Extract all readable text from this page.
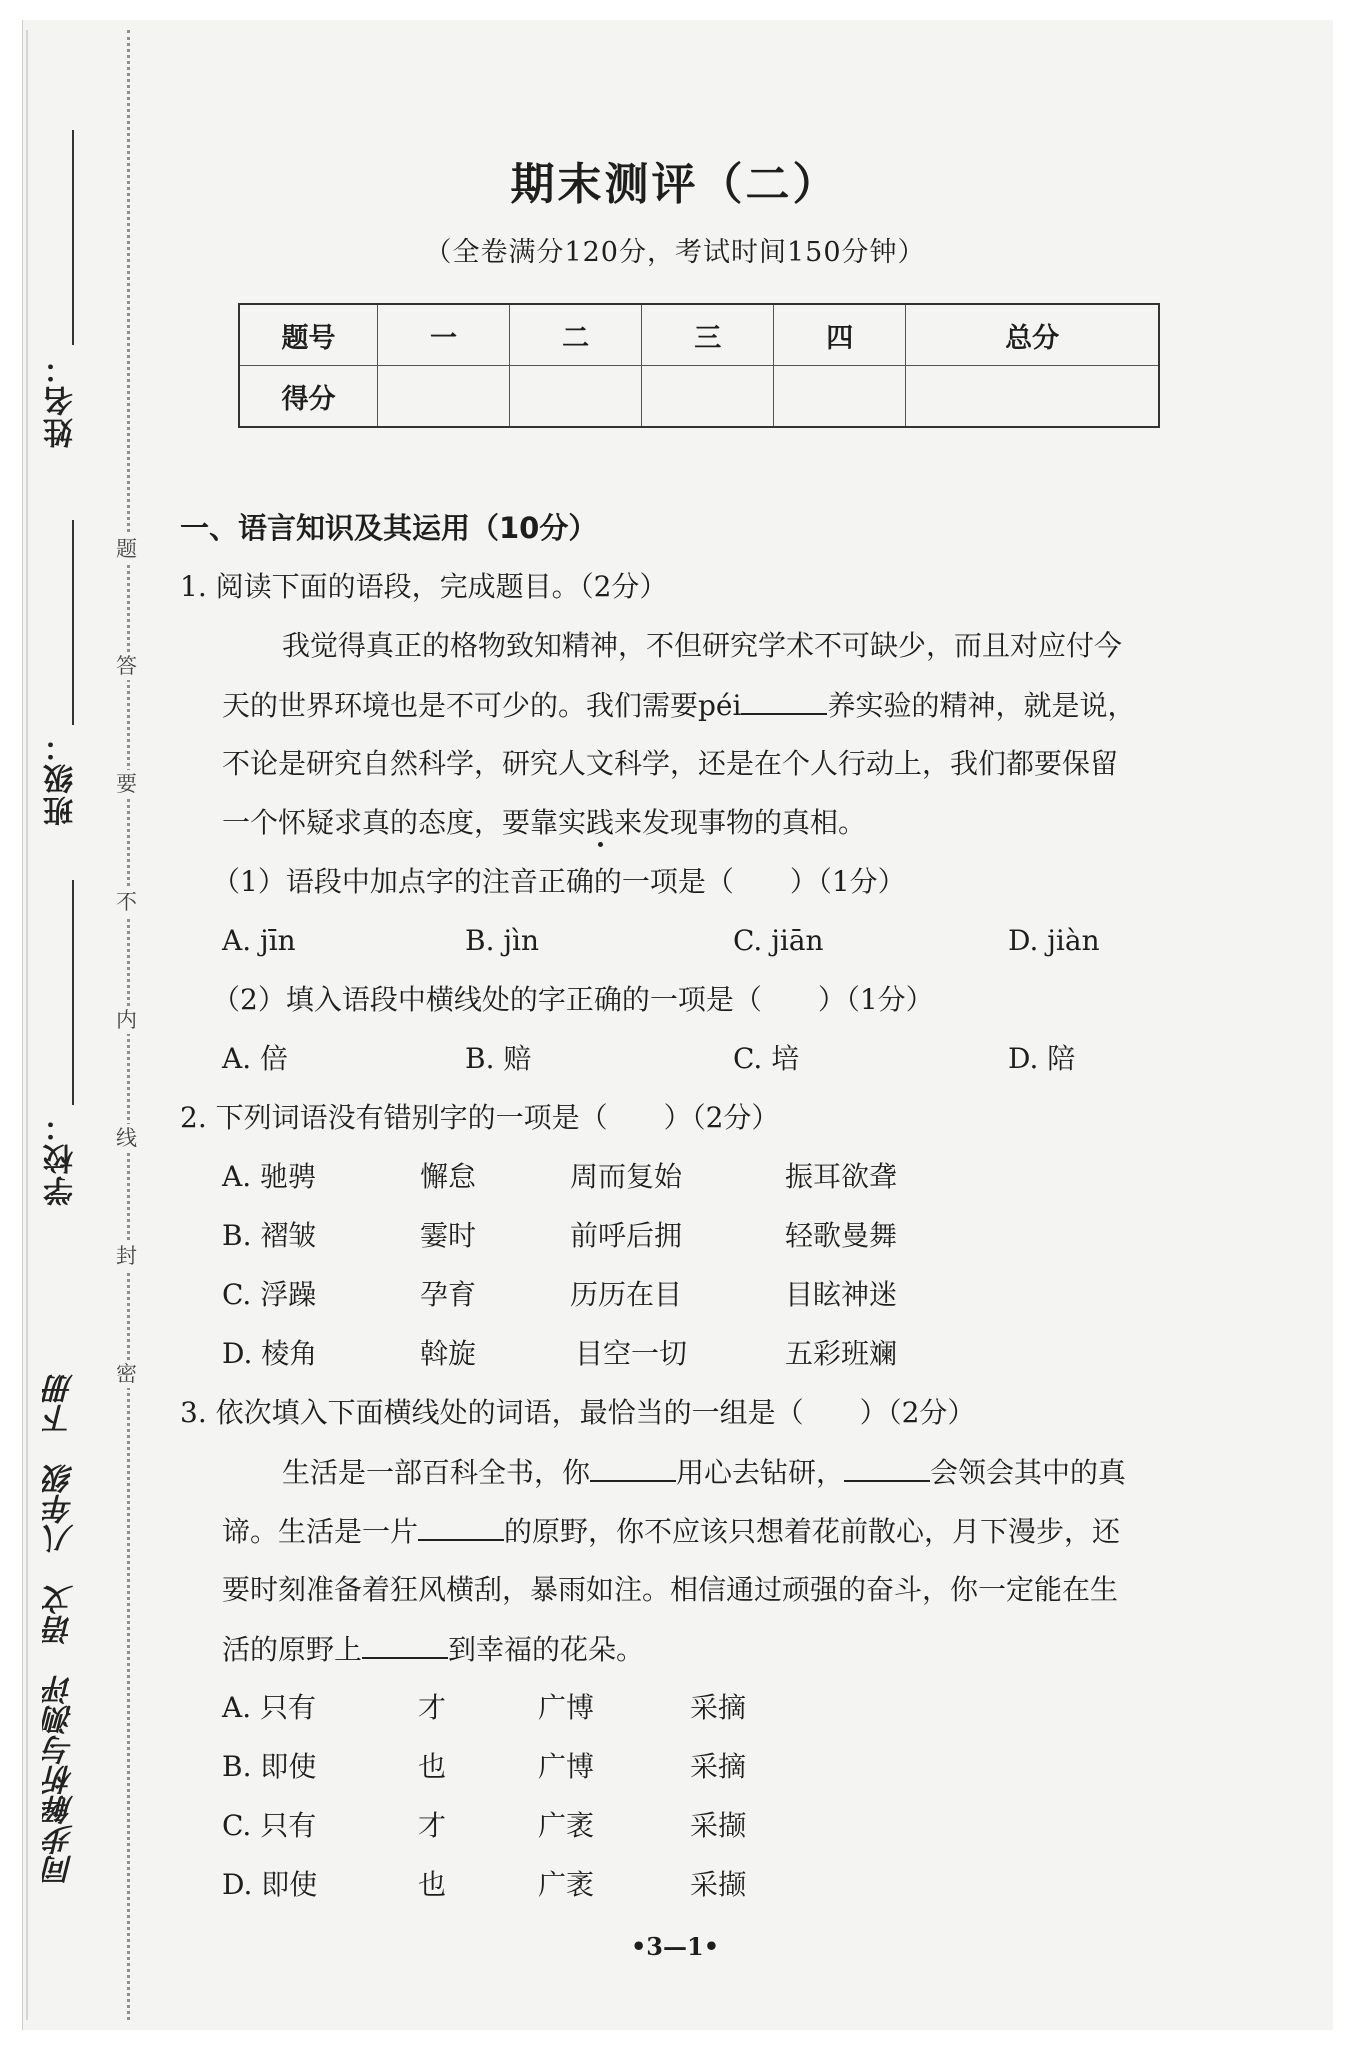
姓名：
班级：
学校：
题
答
要
不
内
线
封
密
同步解析与测评 语文 八年级 下册
期末测评（二）
（全卷满分120分，考试时间150分钟）
题号	一	二	三	四	总分
得分					
一、语言知识及其运用（10分）
1. 阅读下面的语段，完成题目。（2分）
我觉得真正的格物致知精神，不但研究学术不可缺少，而且对应付今
天的世界环境也是不可少的。我们需要péi	养实验的精神，就是说，
不论是研究自然科学，研究人文科学，还是在个人行动上，我们都要保留
一个怀疑求真的态度，要靠实践来发现事物的真相。
（1）语段中加点字的注音正确的一项是（　　）（1分）
A. jīn	B. jìn	C. jiān	D. jiàn
（2）填入语段中横线处的字正确的一项是（　　）（1分）
A. 倍	B. 赔	C. 培	D. 陪
2. 下列词语没有错别字的一项是（　　）（2分）
A. 驰骋	懈怠	周而复始	振耳欲聋
B. 褶皱	霎时	前呼后拥	轻歌曼舞
C. 浮躁	孕育	历历在目	目眩神迷
D. 棱角	斡旋	目空一切	五彩班斓
3. 依次填入下面横线处的词语，最恰当的一组是（　　）（2分）
生活是一部百科全书，你	用心去钻研，	会领会其中的真
谛。生活是一片	的原野，你不应该只想着花前散心，月下漫步，还
要时刻准备着狂风横刮，暴雨如注。相信通过顽强的奋斗，你一定能在生
活的原野上	到幸福的花朵。
A. 只有	才	广博	采摘
B. 即使	也	广博	采摘
C. 只有	才	广袤	采撷
D. 即使	也	广袤	采撷
•3—1•
